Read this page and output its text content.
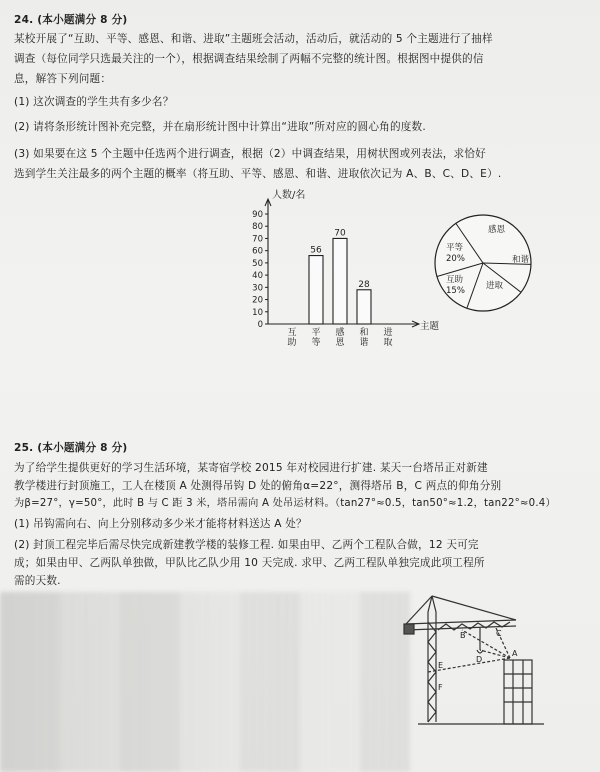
24. (本小题满分 8 分)
某校开展了“互助、平等、感恩、和谐、进取”主题班会活动，活动后，就活动的 5 个主题进行了抽样
调查（每位同学只选最关注的一个），根据调查结果绘制了两幅不完整的统计图。根据图中提供的信
息，解答下列问题：
(1) 这次调查的学生共有多少名？
(2) 请将条形统计图补充完整，并在扇形统计图中计算出“进取”所对应的圆心角的度数.
(3) 如果要在这 5 个主题中任选两个进行调查，根据（2）中调查结果，用树状图或列表法，求恰好
选到学生关注最多的两个主题的概率（将互助、平等、感恩、和谐、进取依次记为 A、B、C、D、E）.
人数/名
主题
0
10
20
30
40
50
60
70
80
90
互
助
平
等
56
感
恩
70
和
谐
28
进
取
感恩
和谐
进取
互助
15%
平等
20%
25. (本小题满分 8 分)
为了给学生提供更好的学习生活环境，某寄宿学校 2015 年对校园进行扩建. 某天一台塔吊正对新建
教学楼进行封顶施工，工人在楼顶 A 处测得吊钩 D 处的俯角α=22°，测得塔吊 B，C 两点的仰角分别
为β=27°，γ=50°，此时 B 与 C 距 3 米，塔吊需向 A 处吊运材料。（tan27°≈0.5，tan50°≈1.2，tan22°≈0.4）
(1) 吊钩需向右、向上分别移动多少米才能将材料送达 A 处？
(2) 封顶工程完毕后需尽快完成新建教学楼的装修工程. 如果由甲、乙两个工程队合做，12 天可完
成；如果由甲、乙两队单独做，甲队比乙队少用 10 天完成. 求甲、乙两工程队单独完成此项工程所
需的天数.
B	C
E
D
A
F
